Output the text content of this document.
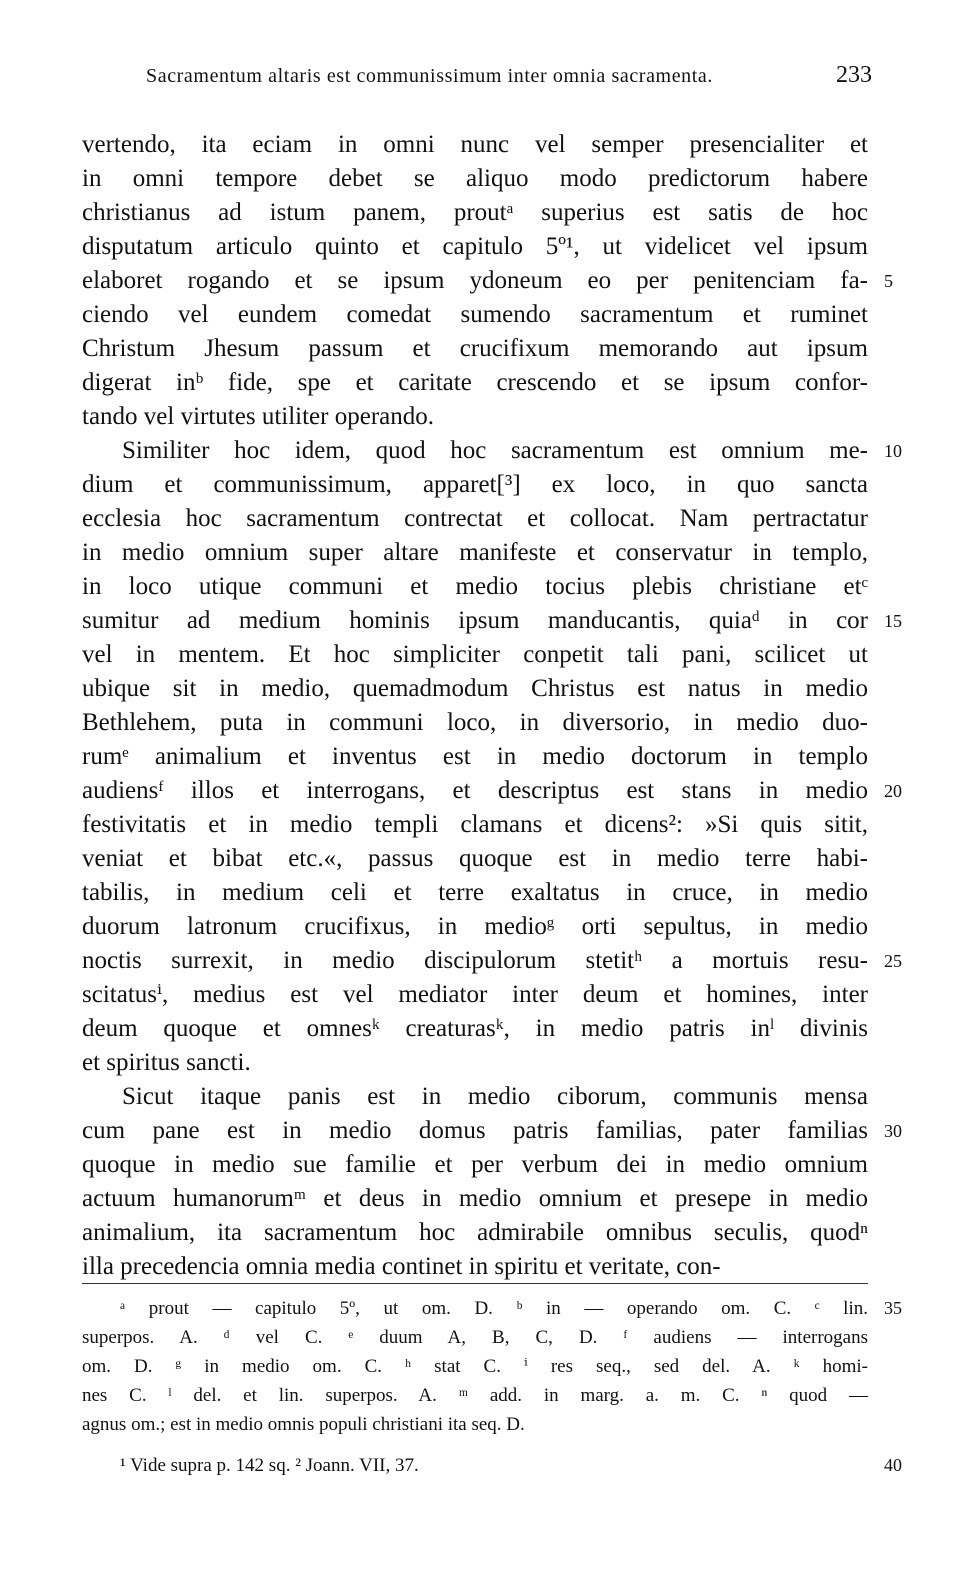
Sacramentum altaris est communissimum inter omnia sacramenta.	233
vertendo, ita eciam in omni nunc vel semper presencialiter et
in omni tempore debet se aliquo modo predictorum habere
christianus ad istum panem, proutᵃ superius est satis de hoc
disputatum articulo quinto et capitulo 5º¹, ut videlicet vel ipsum
elaboret rogando et se ipsum ydoneum eo per penitenciam fa-
ciendo vel eundem comedat sumendo sacramentum et ruminet
Christum Jhesum passum et crucifixum memorando aut ipsum
digerat inᵇ fide, spe et caritate crescendo et se ipsum confor-
tando vel virtutes utiliter operando.
Similiter hoc idem, quod hoc sacramentum est omnium me-
dium et communissimum, apparet[³] ex loco, in quo sancta
ecclesia hoc sacramentum contrectat et collocat. Nam pertractatur
in medio omnium super altare manifeste et conservatur in templo,
in loco utique communi et medio tocius plebis christiane etᶜ
sumitur ad medium hominis ipsum manducantis, quiaᵈ in cor
vel in mentem. Et hoc simpliciter conpetit tali pani, scilicet ut
ubique sit in medio, quemadmodum Christus est natus in medio
Bethlehem, puta in communi loco, in diversorio, in medio duo-
rumᵉ animalium et inventus est in medio doctorum in templo
audiensᶠ illos et interrogans, et descriptus est stans in medio
festivitatis et in medio templi clamans et dicens²: »Si quis sitit,
veniat et bibat etc.«, passus quoque est in medio terre habi-
tabilis, in medium celi et terre exaltatus in cruce, in medio
duorum latronum crucifixus, in medioᵍ orti sepultus, in medio
noctis surrexit, in medio discipulorum stetitʰ a mortuis resu-
scitatusⁱ, medius est vel mediator inter deum et homines, inter
deum quoque et omnesᵏ creaturasᵏ, in medio patris inˡ divinis
et spiritus sancti.
Sicut itaque panis est in medio ciborum, communis mensa
cum pane est in medio domus patris familias, pater familias
quoque in medio sue familie et per verbum dei in medio omnium
actuum humanorumᵐ et deus in medio omnium et presepe in medio
animalium, ita sacramentum hoc admirabile omnibus seculis, quodⁿ
illa precedencia omnia media continet in spiritu et veritate, con-
5
10
15
20
25
30
ᵃ prout — capitulo 5º, ut om. D. ᵇ in — operando om. C. ᶜ lin.
superpos. A. ᵈ vel C. ᵉ duum A, B, C, D. ᶠ audiens — interrogans
om. D. ᵍ in medio om. C. ʰ stat C. ⁱ res seq., sed del. A. ᵏ homi-
nes C. ˡ del. et lin. superpos. A. ᵐ add. in marg. a. m. C. ⁿ quod —
agnus om.; est in medio omnis populi christiani ita seq. D.
¹ Vide supra p. 142 sq. ² Joann. VII, 37.
35
40
